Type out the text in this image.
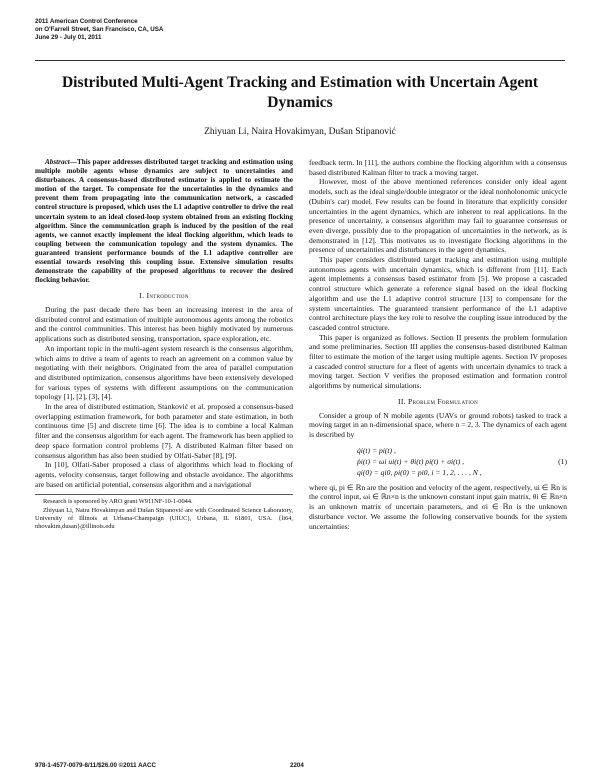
2011 American Control Conference
on O'Farrell Street, San Francisco, CA, USA
June 29 - July 01, 2011
Distributed Multi-Agent Tracking and Estimation with Uncertain Agent Dynamics
Zhiyuan Li, Naira Hovakimyan, Dušan Stipanović

Abstract—This paper addresses distributed target tracking and estimation using multiple mobile agents whose dynamics are subject to uncertainties and disturbances. A consensus-based distributed estimator is applied to estimate the motion of the target. To compensate for the uncertainties in the dynamics and prevent them from propagating into the communication network, a cascaded control structure is proposed, which uses the L1 adaptive controller to drive the real uncertain system to an ideal closed-loop system obtained from an existing flocking algorithm. Since the communication graph is induced by the position of the real agents, we cannot exactly implement the ideal flocking algorithm, which leads to coupling between the communication topology and the system dynamics. The guaranteed transient performance bounds of the L1 adaptive controller are essential towards resolving this coupling issue. Extensive simulation results demonstrate the capability of the proposed algorithms to recover the desired flocking behavior.

I. Introduction

During the past decade there has been an increasing interest in the area of distributed control and estimation of multiple autonomous agents among the robotics and the control communities. This interest has been highly motivated by numerous applications such as distributed sensing, transportation, space exploration, etc.

An important topic in the multi-agent system research is the consensus algorithm, which aims to drive a team of agents to reach an agreement on a common value by negotiating with their neighbors. Originated from the area of parallel computation and distributed optimization, consensus algorithms have been extensively developed for various types of systems with different assumptions on the communication topology [1], [2], [3], [4].

In the area of distributed estimation, Stanković et al. proposed a consensus-based overlapping estimation framework, for both parameter and state estimation, in both continuous time [5] and discrete time [6]. The idea is to combine a local Kalman filter and the consensus algorithm for each agent. The framework has been applied to deep space formation control problems [7]. A distributed Kalman filter based on consensus algorithm has also been studied by Olfati-Saber [8], [9].

In [10], Olfati-Saber proposed a class of algorithms which lead to flocking of agents, velocity consensus, target following and obstacle avoidance. The algorithms are based on artificial potential, consensus algorithm and a navigational

Research is sponsored by ARO grant W911NF-10-1-0044.

Zhiyuan Li, Naira Hovakimyan and Dušan Stipanović are with Coordinated Science Laboratory, University of Illinois at Urbana-Champaign (UIUC), Urbana, IL 61801, USA. {li64, nhovakim,dusan}@illinois.edu

feedback term. In [11], the authors combine the flocking algorithm with a consensus based distributed Kalman filter to track a moving target.

However, most of the above mentioned references consider only ideal agent models, such as the ideal single/double integrator or the ideal nonholonomic unicycle (Dubin's car) model. Few results can be found in literature that explicitly consider uncertainties in the agent dynamics, which are inherent to real applications. In the presence of uncertainty, a consensus algorithm may fail to guarantee consensus or even diverge, possibly due to the propagation of uncertainties in the network, as is demonstrated in [12]. This motivates us to investigate flocking algorithms in the presence of uncertainties and disturbances in the agent dynamics.

This paper considers distributed target tracking and estimation using multiple autonomous agents with uncertain dynamics, which is different from [11]. Each agent implements a consensus based estimator from [5]. We propose a cascaded control structure which generate a reference signal based on the ideal flocking algorithm and use the L1 adaptive control structure [13] to compensate for the system uncertainties. The guaranteed transient performance of the L1 adaptive control architecture plays the key role to resolve the coupling issue introduced by the cascaded control structure.

This paper is organized as follows. Section II presents the problem formulation and some preliminaries. Section III applies the consensus-based distributed Kalman filter to estimate the motion of the target using multiple agents. Section IV proposes a cascaded control structure for a fleet of agents with uncertain dynamics to track a moving target. Section V verifies the proposed estimation and formation control algorithms by numerical simulations.

II. Problem Formulation

Consider a group of N mobile agents (UAVs or ground robots) tasked to track a moving target in an n-dimensional space, where n = 2, 3. The dynamics of each agent is described by

q̇i(t) = pi(t) ,
ṗi(t) = ωi ui(t) + θi(t) pi(t) + σi(t) ,
qi(0) = qi0, pi(0) = pi0, i = 1, 2, . . . , N ,
(1)

where qi, pi ∈ ℝn are the position and velocity of the agent, respectively, ui ∈ ℝn is the control input, ωi ∈ ℝn×n is the unknown constant input gain matrix, θi ∈ ℝn×n is an unknown matrix of uncertain parameters, and σi ∈ ℝn is the unknown disturbance vector. We assume the following conservative bounds for the system uncertainties:

978-1-4577-0079-8/11/$26.00 ©2011 AACC	2204
